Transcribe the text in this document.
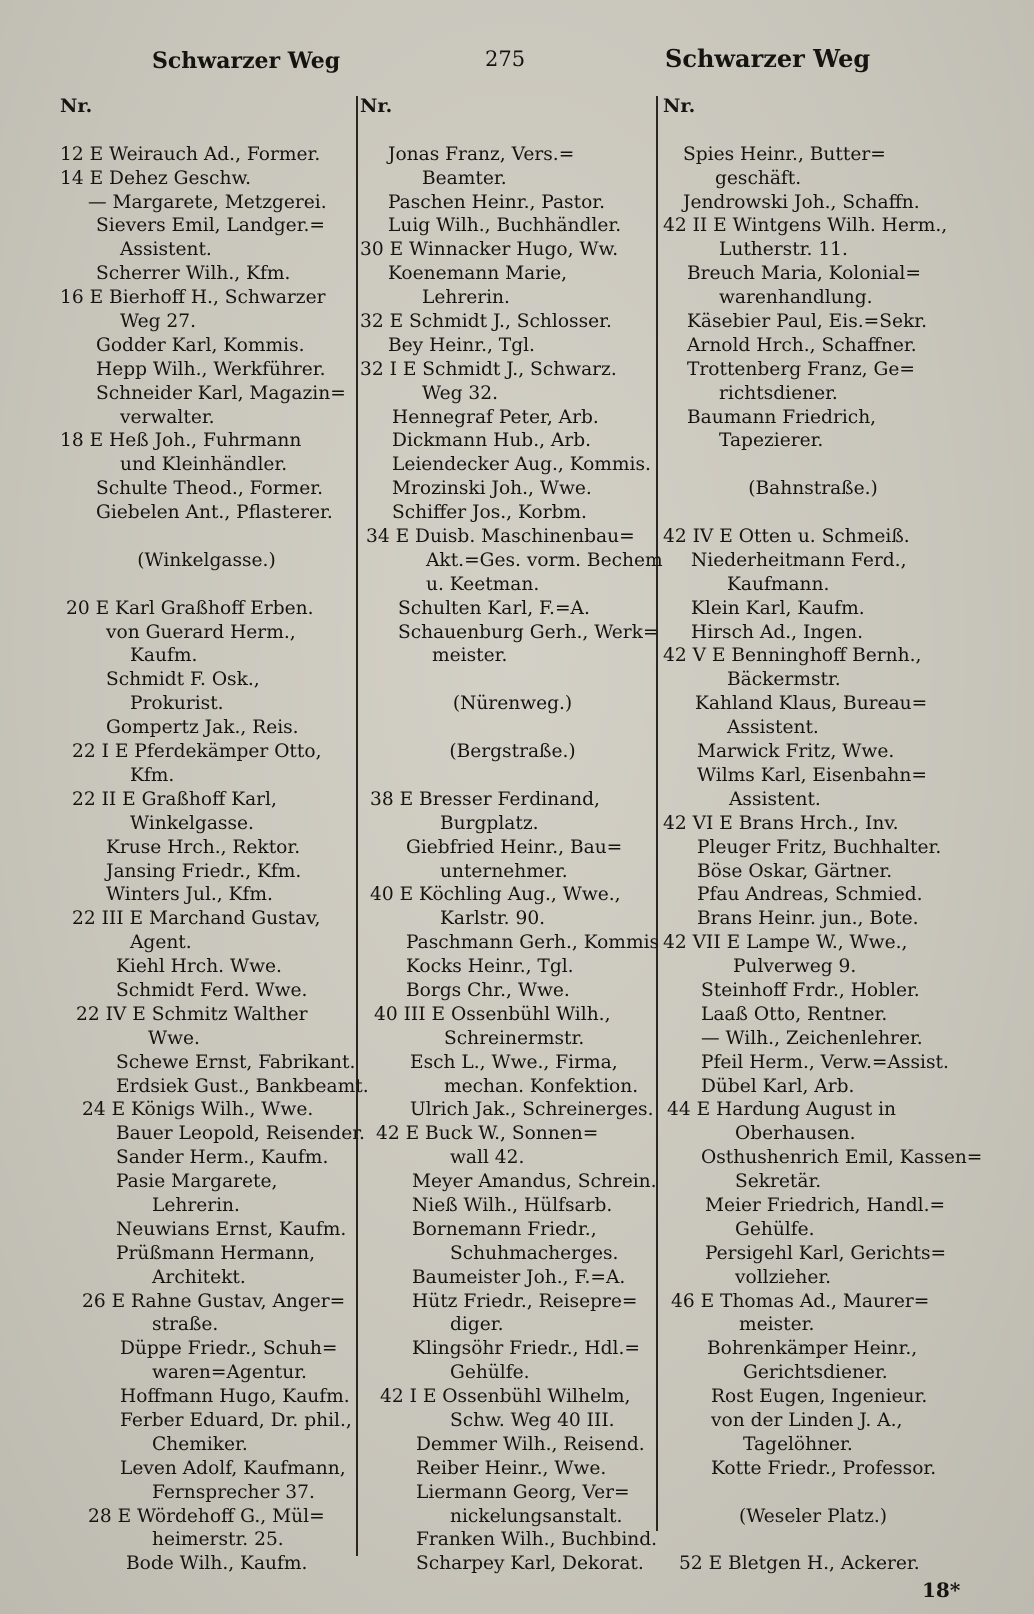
Schwarzer Weg	275	Schwarzer Weg
Nr.
12 E Weirauch Ad., Former.
14 E Dehez Geschw.
— Margarete, Metzgerei.
Sievers Emil, Landger.=
Assistent.
Scherrer Wilh., Kfm.
16 E Bierhoff H., Schwarzer
Weg 27.
Godder Karl, Kommis.
Hepp Wilh., Werkführer.
Schneider Karl, Magazin=
verwalter.
18 E Heß Joh., Fuhrmann
und Kleinhändler.
Schulte Theod., Former.
Giebelen Ant., Pflasterer.
(Winkelgasse.)
20 E Karl Graßhoff Erben.
von Guerard Herm.,
Kaufm.
Schmidt F. Osk.,
Prokurist.
Gompertz Jak., Reis.
22 I E Pferdekämper Otto,
Kfm.
22 II E Graßhoff Karl,
Winkelgasse.
Kruse Hrch., Rektor.
Jansing Friedr., Kfm.
Winters Jul., Kfm.
22 III E Marchand Gustav,
Agent.
Kiehl Hrch. Wwe.
Schmidt Ferd. Wwe.
22 IV E Schmitz Walther
Wwe.
Schewe Ernst, Fabrikant.
Erdsiek Gust., Bankbeamt.
24 E Königs Wilh., Wwe.
Bauer Leopold, Reisender.
Sander Herm., Kaufm.
Pasie Margarete,
Lehrerin.
Neuwians Ernst, Kaufm.
Prüßmann Hermann,
Architekt.
26 E Rahne Gustav, Anger=
straße.
Düppe Friedr., Schuh=
waren=Agentur.
Hoffmann Hugo, Kaufm.
Ferber Eduard, Dr. phil.,
Chemiker.
Leven Adolf, Kaufmann,
Fernsprecher 37.
28 E Wördehoff G., Mül=
heimerstr. 25.
Bode Wilh., Kaufm.
Nr.
Jonas Franz, Vers.=
Beamter.
Paschen Heinr., Pastor.
Luig Wilh., Buchhändler.
30 E Winnacker Hugo, Ww.
Koenemann Marie,
Lehrerin.
32 E Schmidt J., Schlosser.
Bey Heinr., Tgl.
32 I E Schmidt J., Schwarz.
Weg 32.
Hennegraf Peter, Arb.
Dickmann Hub., Arb.
Leiendecker Aug., Kommis.
Mrozinski Joh., Wwe.
Schiffer Jos., Korbm.
34 E Duisb. Maschinenbau=
Akt.=Ges. vorm. Bechem
u. Keetman.
Schulten Karl, F.=A.
Schauenburg Gerh., Werk=
meister.
(Nürenweg.)
(Bergstraße.)
38 E Bresser Ferdinand,
Burgplatz.
Giebfried Heinr., Bau=
unternehmer.
40 E Köchling Aug., Wwe.,
Karlstr. 90.
Paschmann Gerh., Kommis
Kocks Heinr., Tgl.
Borgs Chr., Wwe.
40 III E Ossenbühl Wilh.,
Schreinermstr.
Esch L., Wwe., Firma,
mechan. Konfektion.
Ulrich Jak., Schreinerges.
42 E Buck W., Sonnen=
wall 42.
Meyer Amandus, Schrein.
Nieß Wilh., Hülfsarb.
Bornemann Friedr.,
Schuhmacherges.
Baumeister Joh., F.=A.
Hütz Friedr., Reisepre=
diger.
Klingsöhr Friedr., Hdl.=
Gehülfe.
42 I E Ossenbühl Wilhelm,
Schw. Weg 40 III.
Demmer Wilh., Reisend.
Reiber Heinr., Wwe.
Liermann Georg, Ver=
nickelungsanstalt.
Franken Wilh., Buchbind.
Scharpey Karl, Dekorat.
Nr.
Spies Heinr., Butter=
geschäft.
Jendrowski Joh., Schaffn.
42 II E Wintgens Wilh. Herm.,
Lutherstr. 11.
Breuch Maria, Kolonial=
warenhandlung.
Käsebier Paul, Eis.=Sekr.
Arnold Hrch., Schaffner.
Trottenberg Franz, Ge=
richtsdiener.
Baumann Friedrich,
Tapezierer.
(Bahnstraße.)
42 IV E Otten u. Schmeiß.
Niederheitmann Ferd.,
Kaufmann.
Klein Karl, Kaufm.
Hirsch Ad., Ingen.
42 V E Benninghoff Bernh.,
Bäckermstr.
Kahland Klaus, Bureau=
Assistent.
Marwick Fritz, Wwe.
Wilms Karl, Eisenbahn=
Assistent.
42 VI E Brans Hrch., Inv.
Pleuger Fritz, Buchhalter.
Böse Oskar, Gärtner.
Pfau Andreas, Schmied.
Brans Heinr. jun., Bote.
42 VII E Lampe W., Wwe.,
Pulverweg 9.
Steinhoff Frdr., Hobler.
Laaß Otto, Rentner.
— Wilh., Zeichenlehrer.
Pfeil Herm., Verw.=Assist.
Dübel Karl, Arb.
44 E Hardung August in
Oberhausen.
Osthushenrich Emil, Kassen=
Sekretär.
Meier Friedrich, Handl.=
Gehülfe.
Persigehl Karl, Gerichts=
vollzieher.
46 E Thomas Ad., Maurer=
meister.
Bohrenkämper Heinr.,
Gerichtsdiener.
Rost Eugen, Ingenieur.
von der Linden J. A.,
Tagelöhner.
Kotte Friedr., Professor.
(Weseler Platz.)
52 E Bletgen H., Ackerer.
18*
